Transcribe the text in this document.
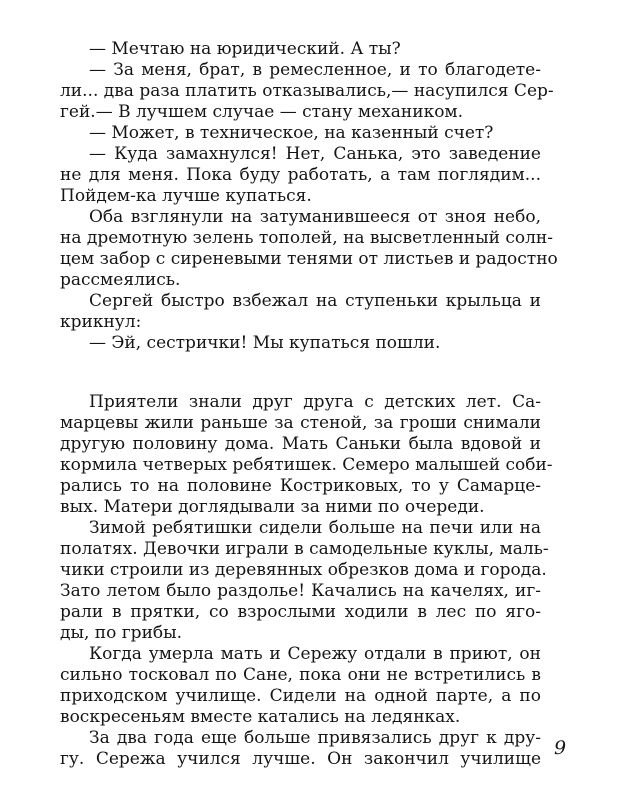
— Мечтаю на юридический. А ты?
— За меня, брат, в ремесленное, и то благодете-
ли... два раза платить отказывались,— насупился Сер-
гей.— В лучшем случае — стану механиком.
— Может, в техническое, на казенный счет?
— Куда замахнулся! Нет, Санька, это заведение
не для меня. Пока буду работать, а там поглядим...
Пойдем-ка лучше купаться.
Оба взглянули на затуманившееся от зноя небо,
на дремотную зелень тополей, на высветленный солн-
цем забор с сиреневыми тенями от листьев и радостно
рассмеялись.
Сергей быстро взбежал на ступеньки крыльца и
крикнул:
— Эй, сестрички! Мы купаться пошли.
Приятели знали друг друга с детских лет. Са-
марцевы жили раньше за стеной, за гроши снимали
другую половину дома. Мать Саньки была вдовой и
кормила четверых ребятишек. Семеро малышей соби-
рались то на половине Костриковых, то у Самарце-
вых. Матери доглядывали за ними по очереди.
Зимой ребятишки сидели больше на печи или на
полатях. Девочки играли в самодельные куклы, маль-
чики строили из деревянных обрезков дома и города.
Зато летом было раздолье! Качались на качелях, иг-
рали в прятки, со взрослыми ходили в лес по яго-
ды, по грибы.
Когда умерла мать и Сережу отдали в приют, он
сильно тосковал по Сане, пока они не встретились в
приходском училище. Сидели на одной парте, а по
воскресеньям вместе катались на ледянках.
За два года еще больше привязались друг к дру-
гу. Сережа учился лучше. Он закончил училище 9
